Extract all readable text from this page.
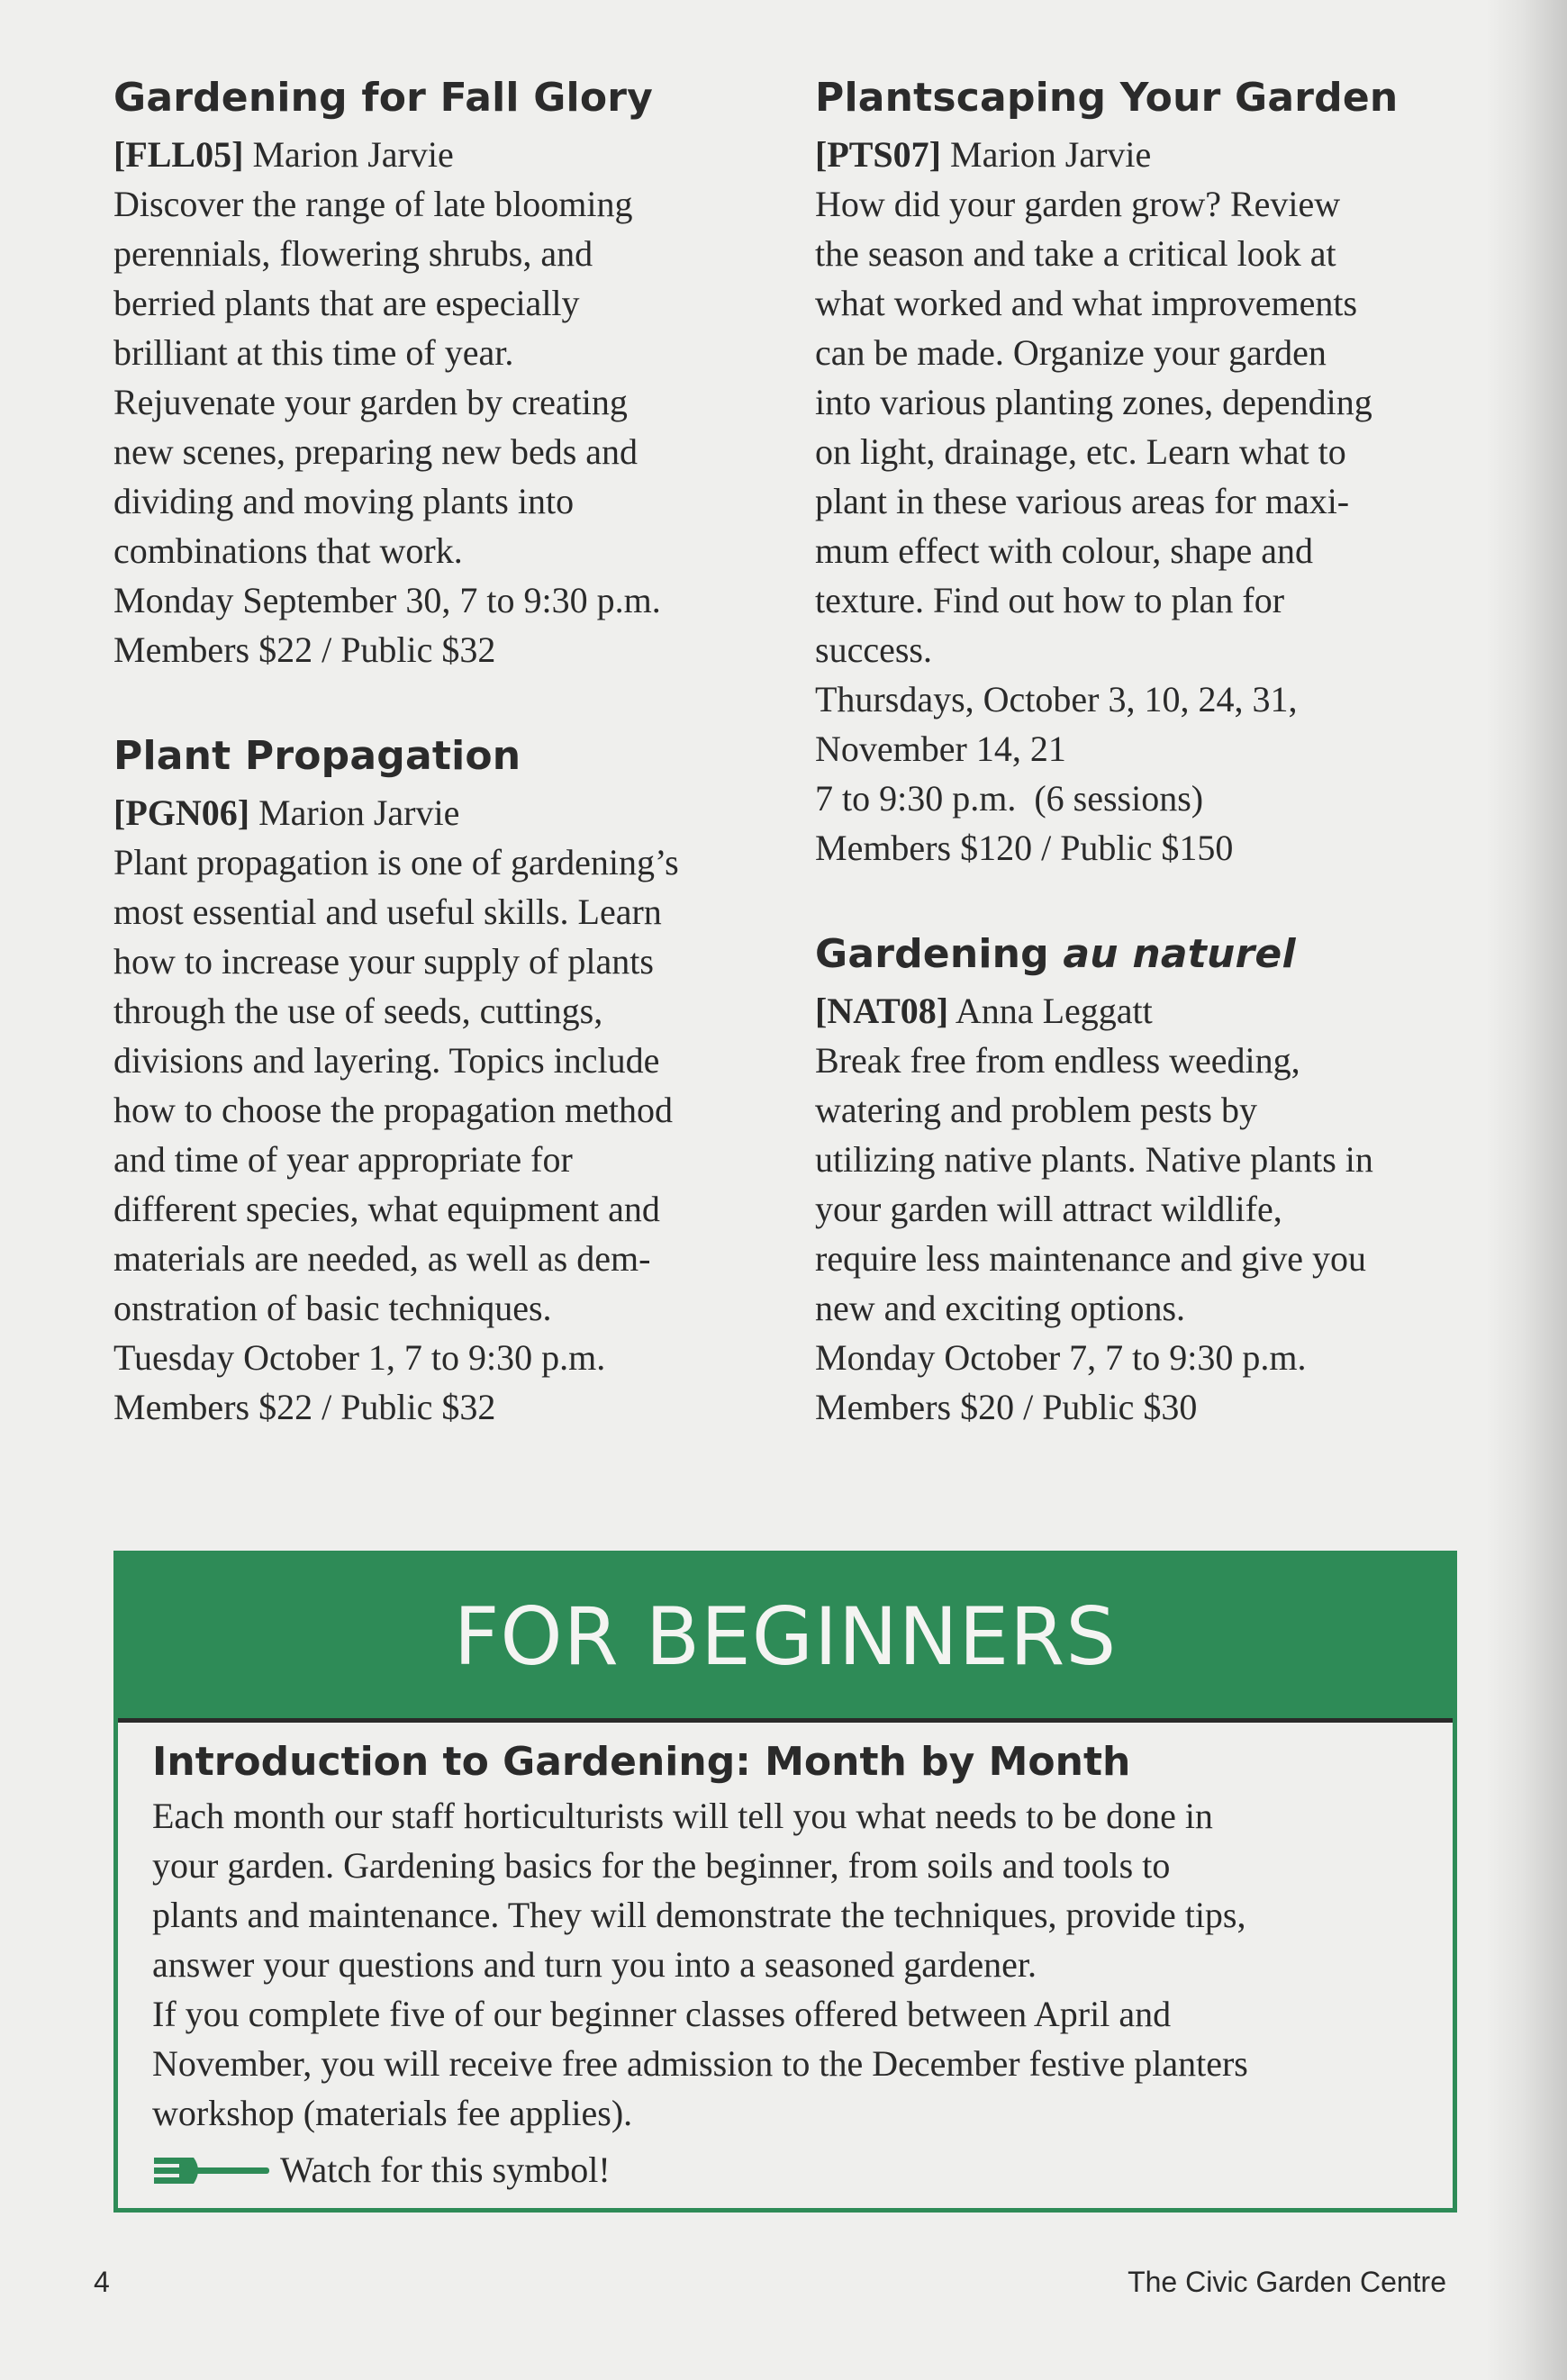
Gardening for Fall Glory

[FLL05] Marion Jarvie

Discover the range of late blooming

perennials, flowering shrubs, and

berried plants that are especially

brilliant at this time of year.

Rejuvenate your garden by creating

new scenes, preparing new beds and

dividing and moving plants into

combinations that work.

Monday September 30, 7 to 9:30 p.m.

Members $22 / Public $32

Plant Propagation

[PGN06] Marion Jarvie

Plant propagation is one of gardening’s

most essential and useful skills. Learn

how to increase your supply of plants

through the use of seeds, cuttings,

divisions and layering. Topics include

how to choose the propagation method

and time of year appropriate for

different species, what equipment and

materials are needed, as well as dem-

onstration of basic techniques.

Tuesday October 1, 7 to 9:30 p.m.

Members $22 / Public $32

Plantscaping Your Garden

[PTS07] Marion Jarvie

How did your garden grow? Review

the season and take a critical look at

what worked and what improvements

can be made. Organize your garden

into various planting zones, depending

on light, drainage, etc. Learn what to

plant in these various areas for maxi-

mum effect with colour, shape and

texture. Find out how to plan for

success.

Thursdays, October 3, 10, 24, 31,

November 14, 21

7 to 9:30 p.m.  (6 sessions)

Members $120 / Public $150

Gardening au naturel

[NAT08] Anna Leggatt

Break free from endless weeding,

watering and problem pests by

utilizing native plants. Native plants in

your garden will attract wildlife,

require less maintenance and give you

new and exciting options.

Monday October 7, 7 to 9:30 p.m.

Members $20 / Public $30

FOR BEGINNERS
Introduction to Gardening: Month by Month

Each month our staff horticulturists will tell you what needs to be done in

your garden. Gardening basics for the beginner, from soils and tools to

plants and maintenance. They will demonstrate the techniques, provide tips,

answer your questions and turn you into a seasoned gardener.

If you complete five of our beginner classes offered between April and

November, you will receive free admission to the December festive planters

workshop (materials fee applies).

Watch for this symbol!

4	The Civic Garden Centre
